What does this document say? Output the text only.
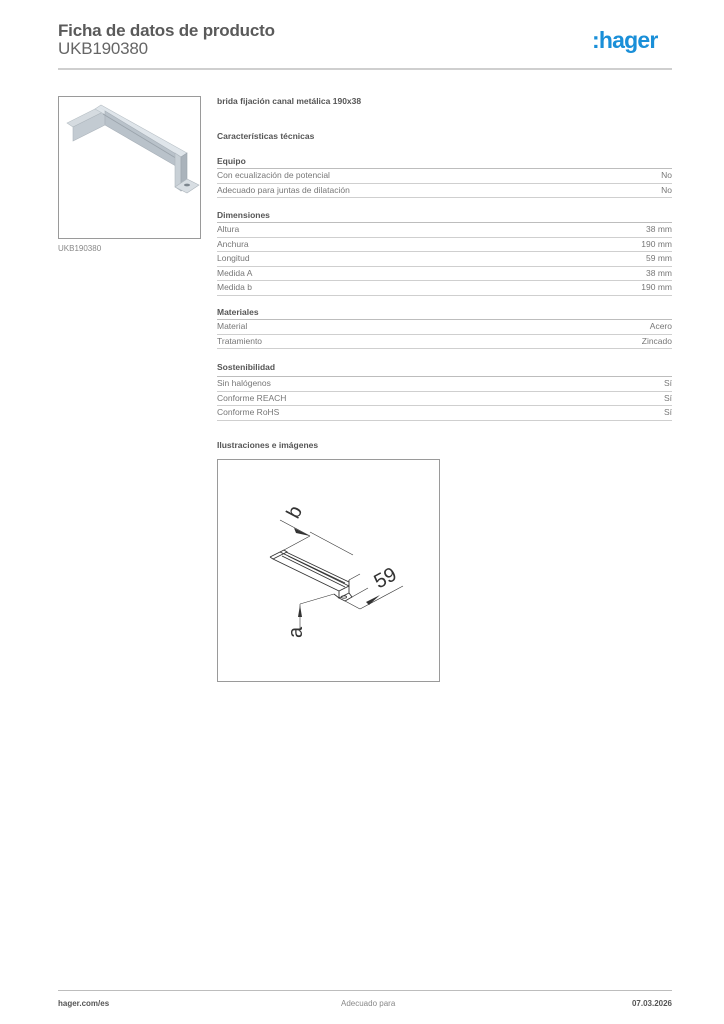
Ficha de datos de producto
UKB190380	:hager
UKB190380
brida fijación canal metálica 190x38
Características técnicas
Equipo
Con ecualización de potencial	No
Adecuado para juntas de dilatación	No
Dimensiones
Altura	38 mm
Anchura	190 mm
Longitud	59 mm
Medida A	38 mm
Medida b	190 mm
Materiales
Material	Acero
Tratamiento	Zincado
Sostenibilidad
Sin halógenos	Sí
Conforme REACH	Sí
Conforme RoHS	Sí
Ilustraciones e imágenes
b
59
a
hager.com/es	Adecuado para	07.03.2026
